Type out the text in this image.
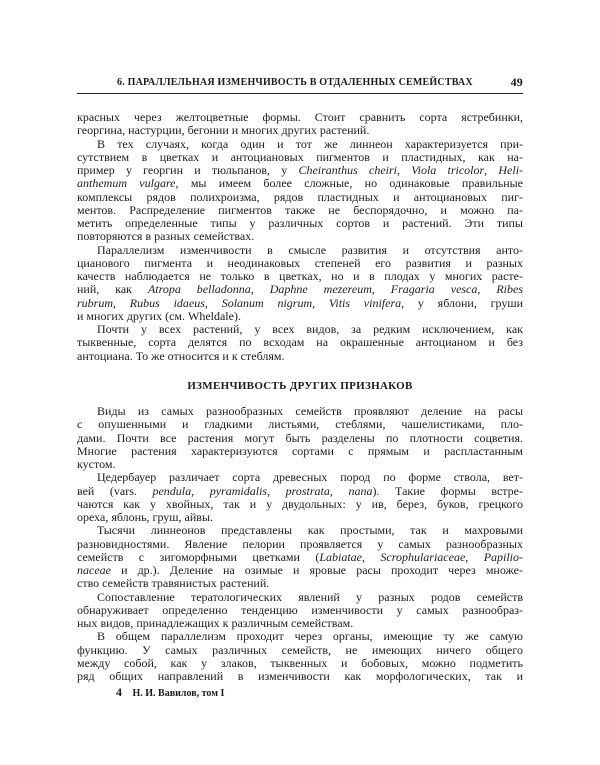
6. ПАРАЛЛЕЛЬНАЯ ИЗМЕНЧИВОСТЬ В ОТДАЛЕННЫХ СЕМЕЙСТВАХ	49
красных через желтоцветные формы. Стоит сравнить сорта ястребинки,
георгина, настурции, бегонии и многих других растений.
В тех случаях, когда один и тот же линнеон характеризуется при-
сутствием в цветках и антоциановых пигментов и пластидных, как на-
пример у георгин и тюльпанов, у Cheiranthus cheiri, Viola tricolor, Heli-
anthemum vulgare, мы имеем более сложные, но одинаковые правильные
комплексы рядов полихроизма, рядов пластидных и антоциановых пиг-
ментов. Распределение пигментов также не беспорядочно, и можно па-
метить определенные типы у различных сортов и растений. Эти типы
повторяются в разных семействах.
Параллелизм изменчивости в смысле развития и отсутствия анто-
цианового пигмента и неодинаковых степеней его развития и разных
качеств наблюдается не только в цветках, но и в плодах у многих расте-
ний, как Atropa belladonna, Daphne mezereum, Fragaria vesca, Ribes
rubrum, Rubus idaeus, Solanum nigrum, Vitis vinifera, у яблони, груши
и многих других (см. Wheldale).
Почти у всех растений, у всех видов, за редким исключением, как
тыквенные, сорта делятся по всходам на окрашенные антоцианом и без
антоциана. То же относится и к стеблям.
ИЗМЕНЧИВОСТЬ ДРУГИХ ПРИЗНАКОВ
Виды из самых разнообразных семейств проявляют деление на расы
с опушенными и гладкими листьями, стеблями, чашелистиками, пло-
дами. Почти все растения могут быть разделены по плотности соцветия.
Многие растения характеризуются сортами с прямым и распластанным
кустом.
Цедербауер различает сорта древесных пород по форме ствола, вет-
вей (vars. pendula, pyramidalis, prostrata, nana). Такие формы встре-
чаются как у хвойных, так и у двудольных: у ив, берез, буков, грецкого
ореха, яблонь, груш, айвы.
Тысячи линнеонов представлены как простыми, так и махровыми
разновидностями. Явление пелории проявляется у самых разнообразных
семейств с зигоморфными цветками (Labiatae, Scrophulariaceae, Papilio-
naceae и др.). Деление на озимые и яровые расы проходит через множе-
ство семейств травянистых растений.
Сопоставление тератологических явлений у разных родов семейств
обнаруживает определенно тенденцию изменчивости у самых разнообраз-
ных видов, принадлежащих к различным семействам.
В общем параллелизм проходит через органы, имеющие ту же самую
функцию. У самых различных семейств, не имеющих ничего общего
между собой, как у злаков, тыквенных и бобовых, можно подметить
ряд общих направлений в изменчивости как морфологических, так и
4 Н. И. Вавилов, том I
